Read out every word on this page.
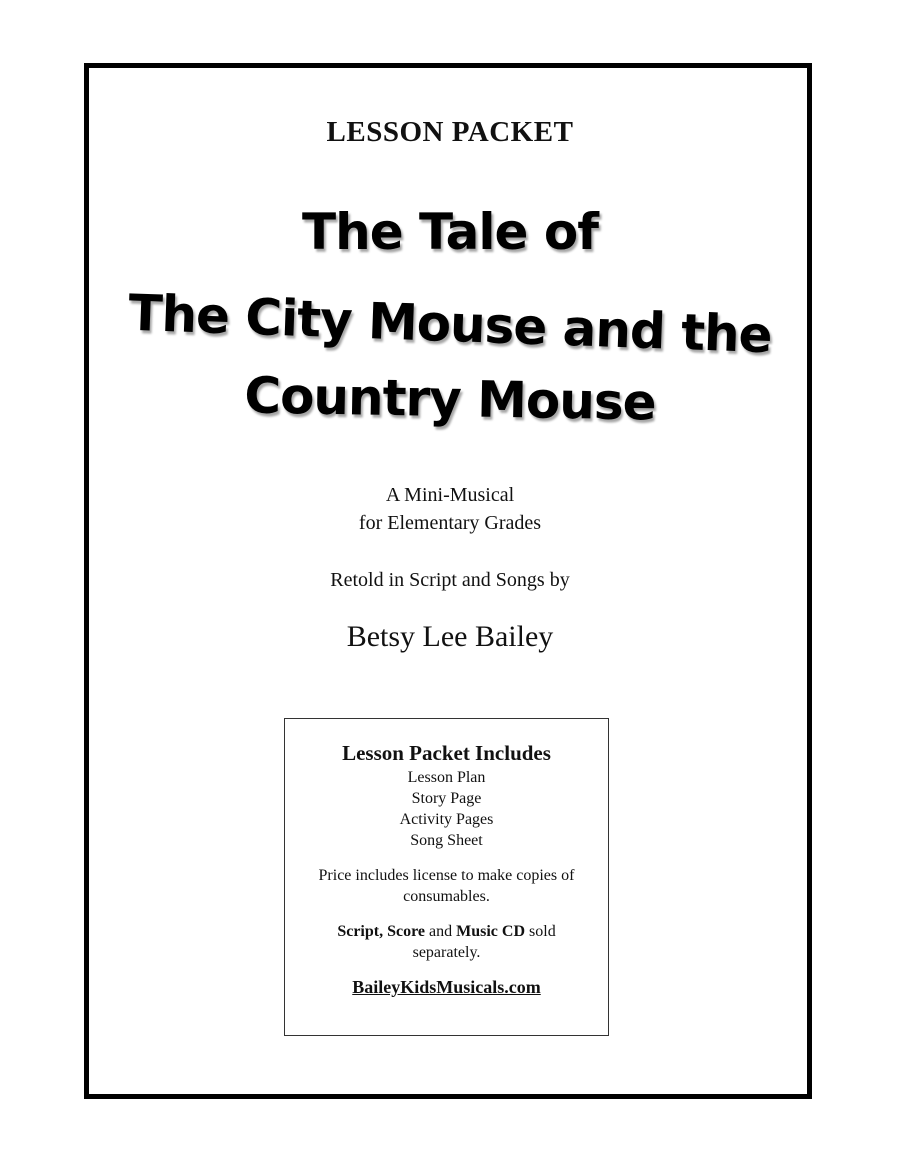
LESSON PACKET
The Tale of
The City Mouse and the
Country Mouse
A Mini-Musical
for Elementary Grades
Retold in Script and Songs by
Betsy Lee Bailey
Lesson Packet Includes
Lesson Plan
Story Page
Activity Pages
Song Sheet
Price includes license to make copies of consumables.
Script, Score and Music CD sold separately.
BaileyKidsMusicals.com
